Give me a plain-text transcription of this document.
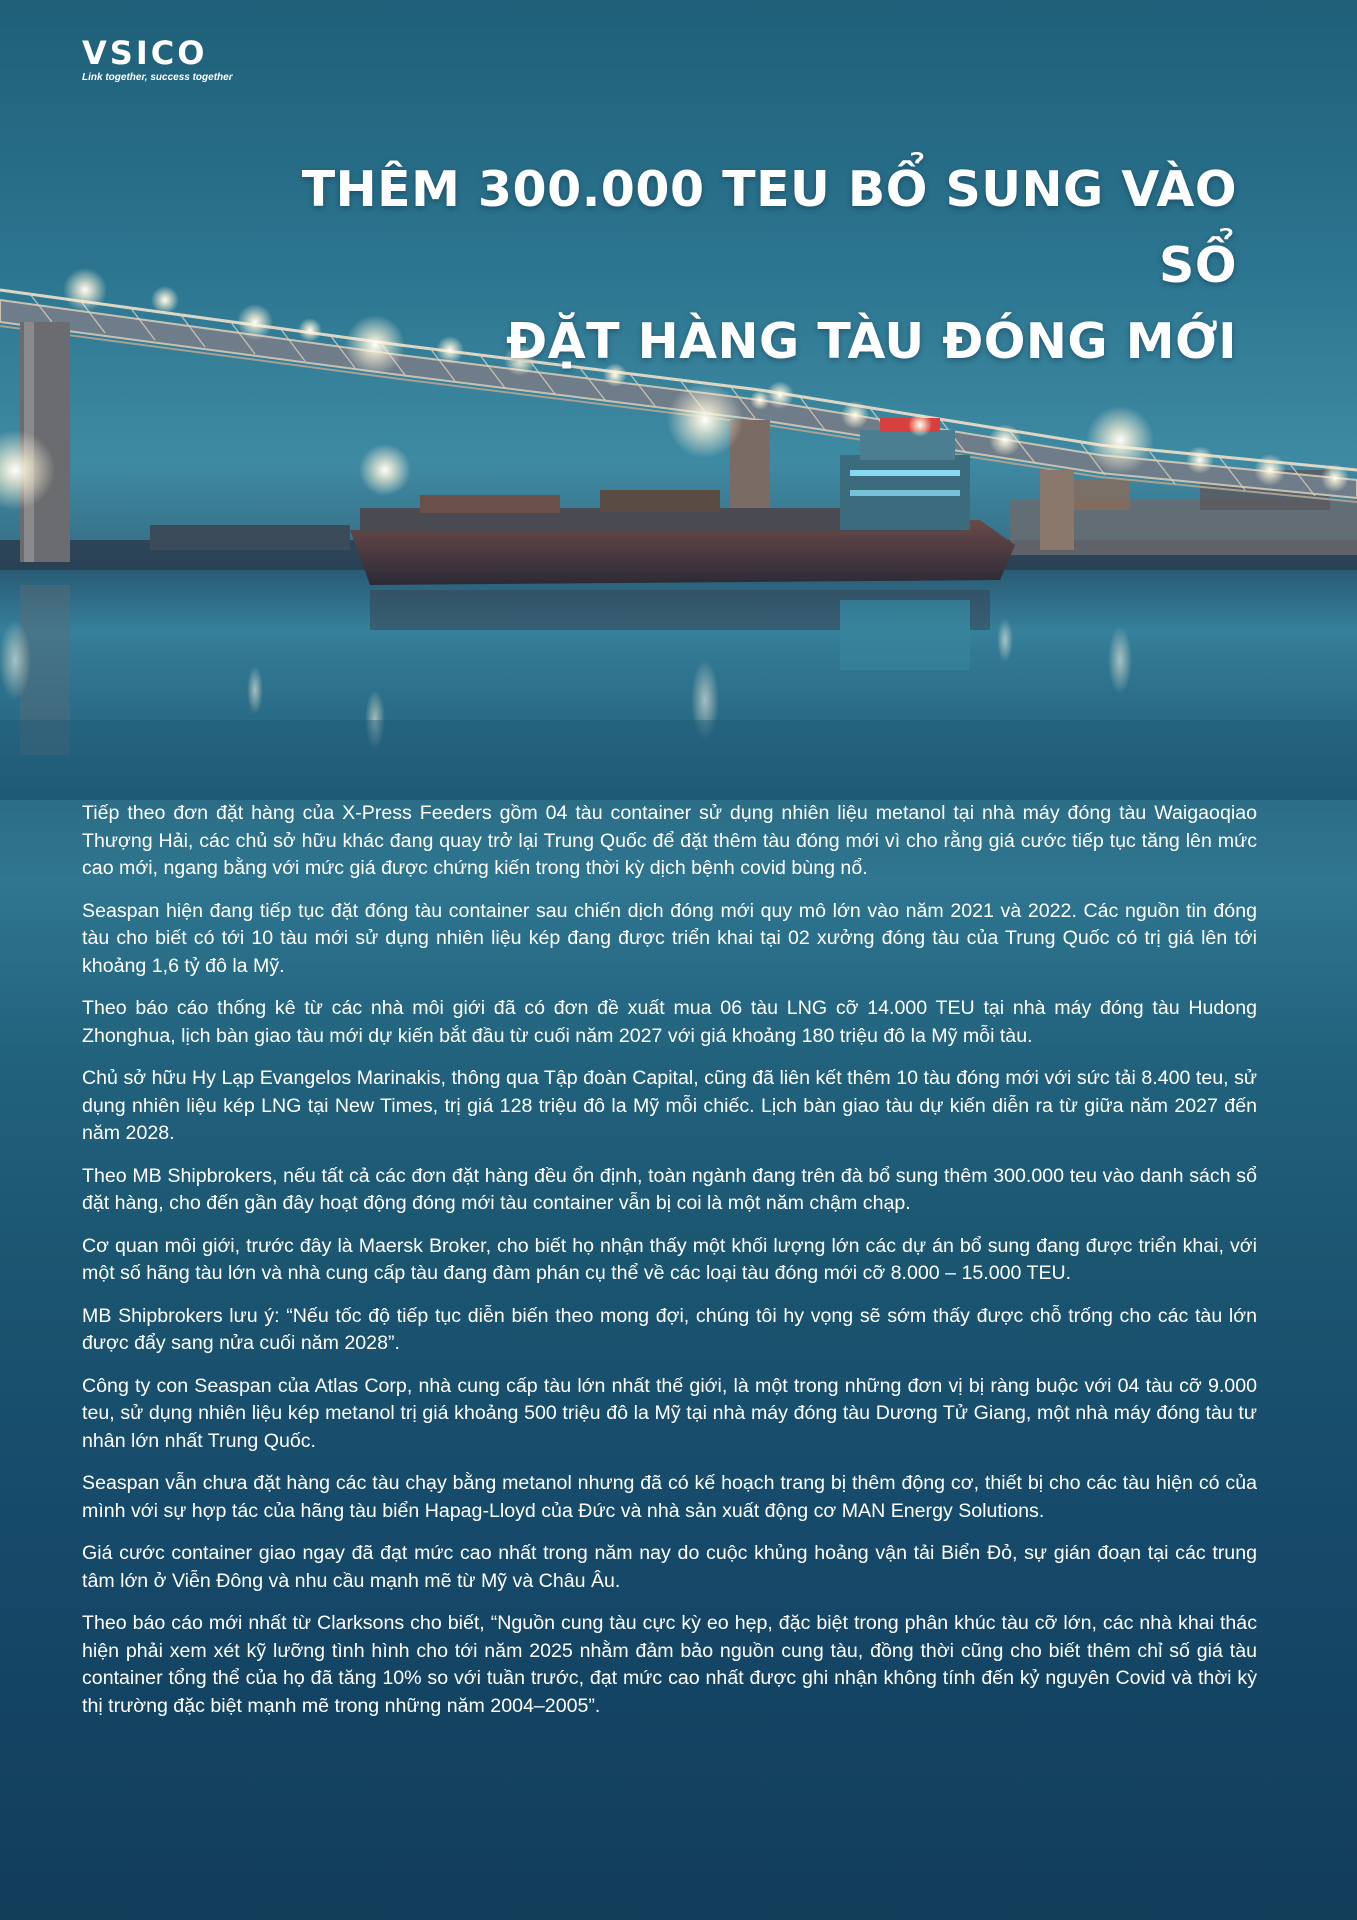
VSICO
Link together, success together
THÊM 300.000 TEU BỔ SUNG VÀO SỔ
ĐẶT HÀNG TÀU ĐÓNG MỚI

Tiếp theo đơn đặt hàng của X-Press Feeders gồm 04 tàu container sử dụng nhiên liệu metanol tại nhà máy đóng tàu Waigaoqiao Thượng Hải, các chủ sở hữu khác đang quay trở lại Trung Quốc để đặt thêm tàu đóng mới vì cho rằng giá cước tiếp tục tăng lên mức cao mới, ngang bằng với mức giá được chứng kiến trong thời kỳ dịch bệnh covid bùng nổ.

Seaspan hiện đang tiếp tục đặt đóng tàu container sau chiến dịch đóng mới quy mô lớn vào năm 2021 và 2022. Các nguồn tin đóng tàu cho biết có tới 10 tàu mới sử dụng nhiên liệu kép đang được triển khai tại 02 xưởng đóng tàu của Trung Quốc có trị giá lên tới khoảng 1,6 tỷ đô la Mỹ.

Theo báo cáo thống kê từ các nhà môi giới đã có đơn đề xuất mua 06 tàu LNG cỡ 14.000 TEU tại nhà máy đóng tàu Hudong Zhonghua, lịch bàn giao tàu mới dự kiến bắt đầu từ cuối năm 2027 với giá khoảng 180 triệu đô la Mỹ mỗi tàu.

Chủ sở hữu Hy Lạp Evangelos Marinakis, thông qua Tập đoàn Capital, cũng đã liên kết thêm 10 tàu đóng mới với sức tải 8.400 teu, sử dụng nhiên liệu kép LNG tại New Times, trị giá 128 triệu đô la Mỹ mỗi chiếc. Lịch bàn giao tàu dự kiến diễn ra từ giữa năm 2027 đến năm 2028.

Theo MB Shipbrokers, nếu tất cả các đơn đặt hàng đều ổn định, toàn ngành đang trên đà bổ sung thêm 300.000 teu vào danh sách sổ đặt hàng, cho đến gần đây hoạt động đóng mới tàu container vẫn bị coi là một năm chậm chạp.

Cơ quan môi giới, trước đây là Maersk Broker, cho biết họ nhận thấy một khối lượng lớn các dự án bổ sung đang được triển khai, với một số hãng tàu lớn và nhà cung cấp tàu đang đàm phán cụ thể về các loại tàu đóng mới cỡ 8.000 – 15.000 TEU.

MB Shipbrokers lưu ý: “Nếu tốc độ tiếp tục diễn biến theo mong đợi, chúng tôi hy vọng sẽ sớm thấy được chỗ trống cho các tàu lớn được đẩy sang nửa cuối năm 2028”.

Công ty con Seaspan của Atlas Corp, nhà cung cấp tàu lớn nhất thế giới, là một trong những đơn vị bị ràng buộc với 04 tàu cỡ 9.000 teu, sử dụng nhiên liệu kép metanol trị giá khoảng 500 triệu đô la Mỹ tại nhà máy đóng tàu Dương Tử Giang, một nhà máy đóng tàu tư nhân lớn nhất Trung Quốc.

Seaspan vẫn chưa đặt hàng các tàu chạy bằng metanol nhưng đã có kế hoạch trang bị thêm động cơ, thiết bị cho các tàu hiện có của mình với sự hợp tác của hãng tàu biển Hapag-Lloyd của Đức và nhà sản xuất động cơ MAN Energy Solutions.

Giá cước container giao ngay đã đạt mức cao nhất trong năm nay do cuộc khủng hoảng vận tải Biển Đỏ, sự gián đoạn tại các trung tâm lớn ở Viễn Đông và nhu cầu mạnh mẽ từ Mỹ và Châu Âu.

Theo báo cáo mới nhất từ Clarksons cho biết, “Nguồn cung tàu cực kỳ eo hẹp, đặc biệt trong phân khúc tàu cỡ lớn, các nhà khai thác hiện phải xem xét kỹ lưỡng tình hình cho tới năm 2025 nhằm đảm bảo nguồn cung tàu, đồng thời cũng cho biết thêm chỉ số giá tàu container tổng thể của họ đã tăng 10% so với tuần trước, đạt mức cao nhất được ghi nhận không tính đến kỷ nguyên Covid và thời kỳ thị trường đặc biệt mạnh mẽ trong những năm 2004–2005”.
